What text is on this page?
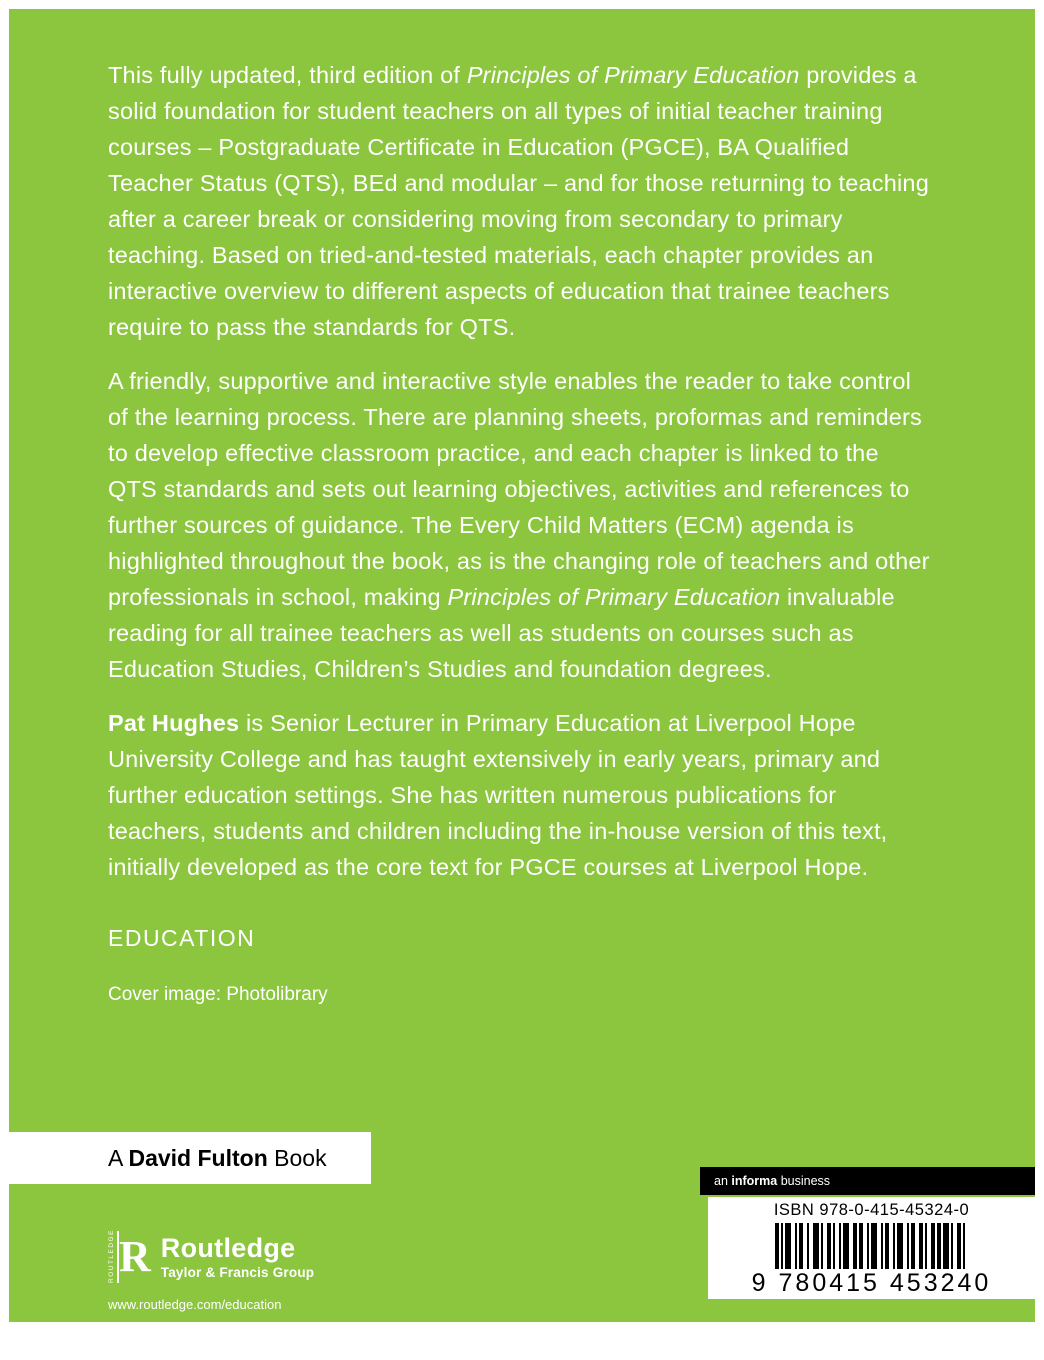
This fully updated, third edition of Principles of Primary Education provides a solid foundation for student teachers on all types of initial teacher training courses – Postgraduate Certificate in Education (PGCE), BA Qualified Teacher Status (QTS), BEd and modular – and for those returning to teaching after a career break or considering moving from secondary to primary teaching. Based on tried-and-tested materials, each chapter provides an interactive overview to different aspects of education that trainee teachers require to pass the standards for QTS.

A friendly, supportive and interactive style enables the reader to take control of the learning process. There are planning sheets, proformas and reminders to develop effective classroom practice, and each chapter is linked to the QTS standards and sets out learning objectives, activities and references to further sources of guidance. The Every Child Matters (ECM) agenda is highlighted throughout the book, as is the changing role of teachers and other professionals in school, making Principles of Primary Education invaluable reading for all trainee teachers as well as students on courses such as Education Studies, Children’s Studies and foundation degrees.

Pat Hughes is Senior Lecturer in Primary Education at Liverpool Hope University College and has taught extensively in early years, primary and further education settings. She has written numerous publications for teachers, students and children including the in-house version of this text, initially developed as the core text for PGCE courses at Liverpool Hope.

EDUCATION
Cover image: Photolibrary
A David Fulton Book
ROUTLEDGE R Routledge
Taylor & Francis Group
www.routledge.com/education
an informa business
ISBN 978-0-415-45324-0
9 780415 453240
